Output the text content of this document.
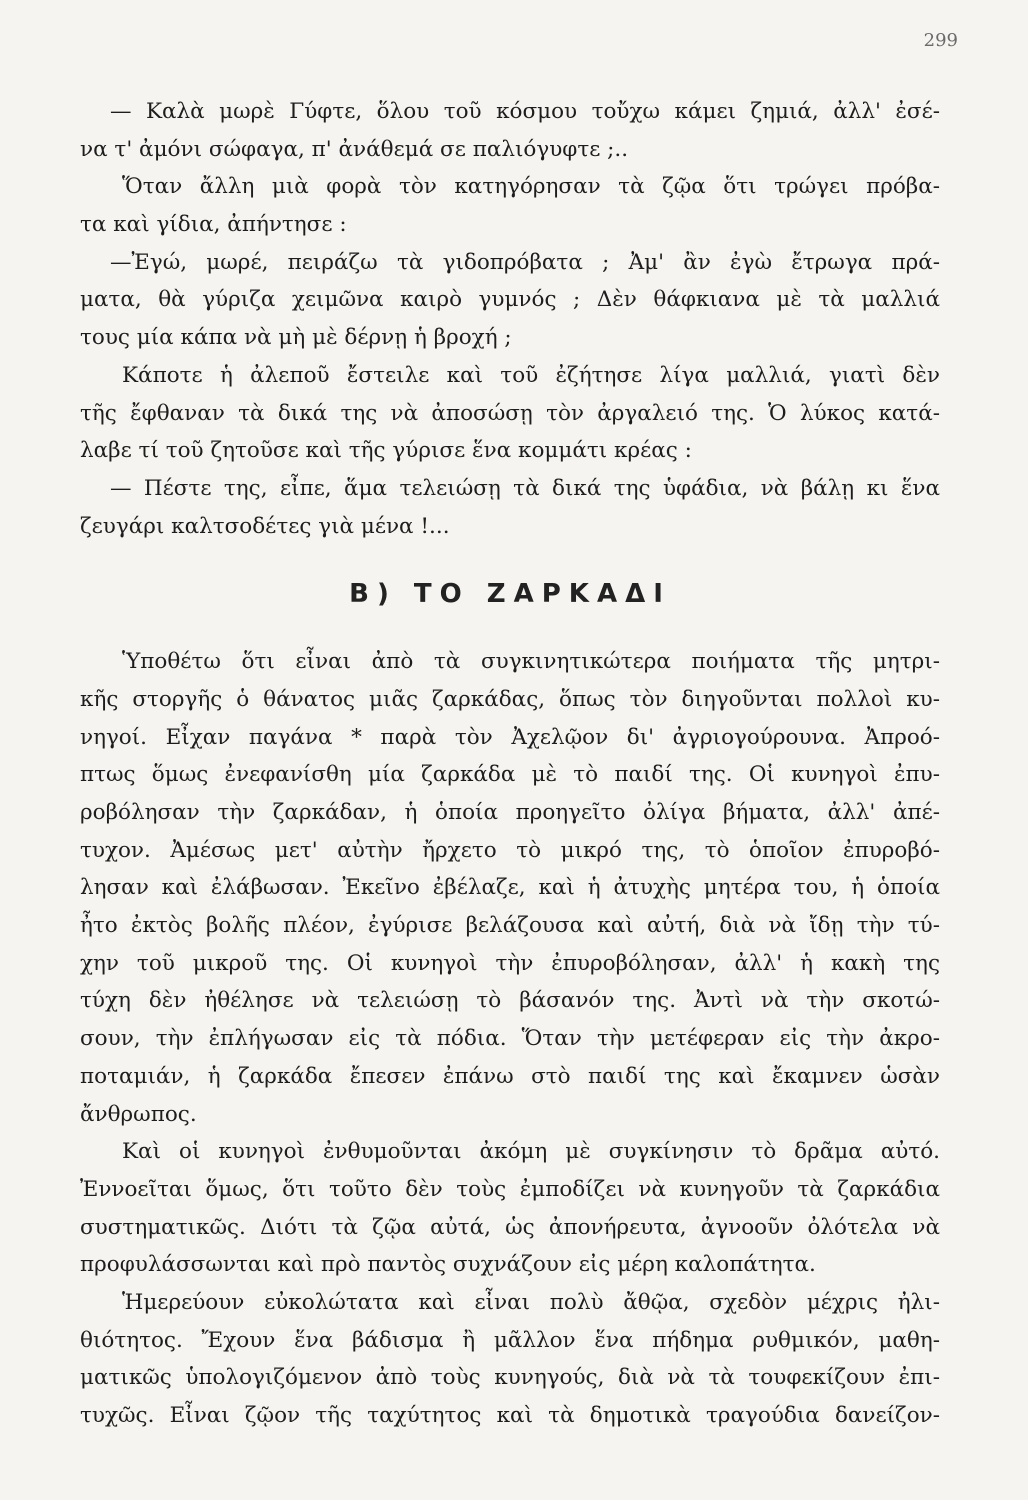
299
— Καλὰ μωρὲ Γύφτε, ὅλου τοῦ κόσμου τοὔχω κάμει ζημιά, ἀλλ' ἐσέ-
να τ' ἀμόνι σώφαγα, π' ἀνάθεμά σε παλιόγυφτε ;..
Ὅταν ἄλλη μιὰ φορὰ τὸν κατηγόρησαν τὰ ζῷα ὅτι τρώγει πρόβα-
τα καὶ γίδια, ἀπήντησε :
—Ἐγώ, μωρέ, πειράζω τὰ γιδοπρόβατα ; Ἀμ' ἂν ἐγὼ ἔτρωγα πρά-
ματα, θὰ γύριζα χειμῶνα καιρὸ γυμνός ; Δὲν θάφκιανα μὲ τὰ μαλλιά
τους μία κάπα νὰ μὴ μὲ δέρνῃ ἡ βροχή ;
Κάποτε ἡ ἀλεποῦ ἔστειλε καὶ τοῦ ἐζήτησε λίγα μαλλιά, γιατὶ δὲν
τῆς ἔφθαναν τὰ δικά της νὰ ἀποσώσῃ τὸν ἀργαλειό της. Ὁ λύκος κατά-
λαβε τί τοῦ ζητοῦσε καὶ τῆς γύρισε ἕνα κομμάτι κρέας :
— Πέστε της, εἶπε, ἅμα τελειώσῃ τὰ δικά της ὑφάδια, νὰ βάλῃ κι ἕνα
ζευγάρι καλτσοδέτες γιὰ μένα !...
Β) ΤΟ ΖΑΡΚΑΔΙ
Ὑποθέτω ὅτι εἶναι ἀπὸ τὰ συγκινητικώτερα ποιήματα τῆς μητρι-
κῆς στοργῆς ὁ θάνατος μιᾶς ζαρκάδας, ὅπως τὸν διηγοῦνται πολλοὶ κυ-
νηγοί. Εἶχαν παγάνα * παρὰ τὸν Ἀχελῷον δι' ἀγριογούρουνα. Ἀπροό-
πτως ὅμως ἐνεφανίσθη μία ζαρκάδα μὲ τὸ παιδί της. Οἱ κυνηγοὶ ἐπυ-
ροβόλησαν τὴν ζαρκάδαν, ἡ ὁποία προηγεῖτο ὀλίγα βήματα, ἀλλ' ἀπέ-
τυχον. Ἀμέσως μετ' αὐτὴν ἤρχετο τὸ μικρό της, τὸ ὁποῖον ἐπυροβό-
λησαν καὶ ἐλάβωσαν. Ἐκεῖνο ἐβέλαζε, καὶ ἡ ἀτυχὴς μητέρα του, ἡ ὁποία
ἦτο ἐκτὸς βολῆς πλέον, ἐγύρισε βελάζουσα καὶ αὐτή, διὰ νὰ ἴδῃ τὴν τύ-
χην τοῦ μικροῦ της. Οἱ κυνηγοὶ τὴν ἐπυροβόλησαν, ἀλλ' ἡ κακὴ της
τύχη δὲν ἠθέλησε νὰ τελειώσῃ τὸ βάσανόν της. Ἀντὶ νὰ τὴν σκοτώ-
σουν, τὴν ἐπλήγωσαν εἰς τὰ πόδια. Ὅταν τὴν μετέφεραν εἰς τὴν ἀκρο-
ποταμιάν, ἡ ζαρκάδα ἔπεσεν ἐπάνω στὸ παιδί της καὶ ἔκαμνεν ὡσὰν
ἄνθρωπος.
Καὶ οἱ κυνηγοὶ ἐνθυμοῦνται ἀκόμη μὲ συγκίνησιν τὸ δρᾶμα αὐτό.
Ἐννοεῖται ὅμως, ὅτι τοῦτο δὲν τοὺς ἐμποδίζει νὰ κυνηγοῦν τὰ ζαρκάδια
συστηματικῶς. Διότι τὰ ζῷα αὐτά, ὡς ἀπονήρευτα, ἀγνοοῦν ὀλότελα νὰ
προφυλάσσωνται καὶ πρὸ παντὸς συχνάζουν εἰς μέρη καλοπάτητα.
Ἡμερεύουν εὐκολώτατα καὶ εἶναι πολὺ ἄθῷα, σχεδὸν μέχρις ἠλι-
θιότητος. Ἔχουν ἕνα βάδισμα ἢ μᾶλλον ἕνα πήδημα ρυθμικόν, μαθη-
ματικῶς ὑπολογιζόμενον ἀπὸ τοὺς κυνηγούς, διὰ νὰ τὰ τουφεκίζουν ἐπι-
τυχῶς. Εἶναι ζῷον τῆς ταχύτητος καὶ τὰ δημοτικὰ τραγούδια δανείζον-
